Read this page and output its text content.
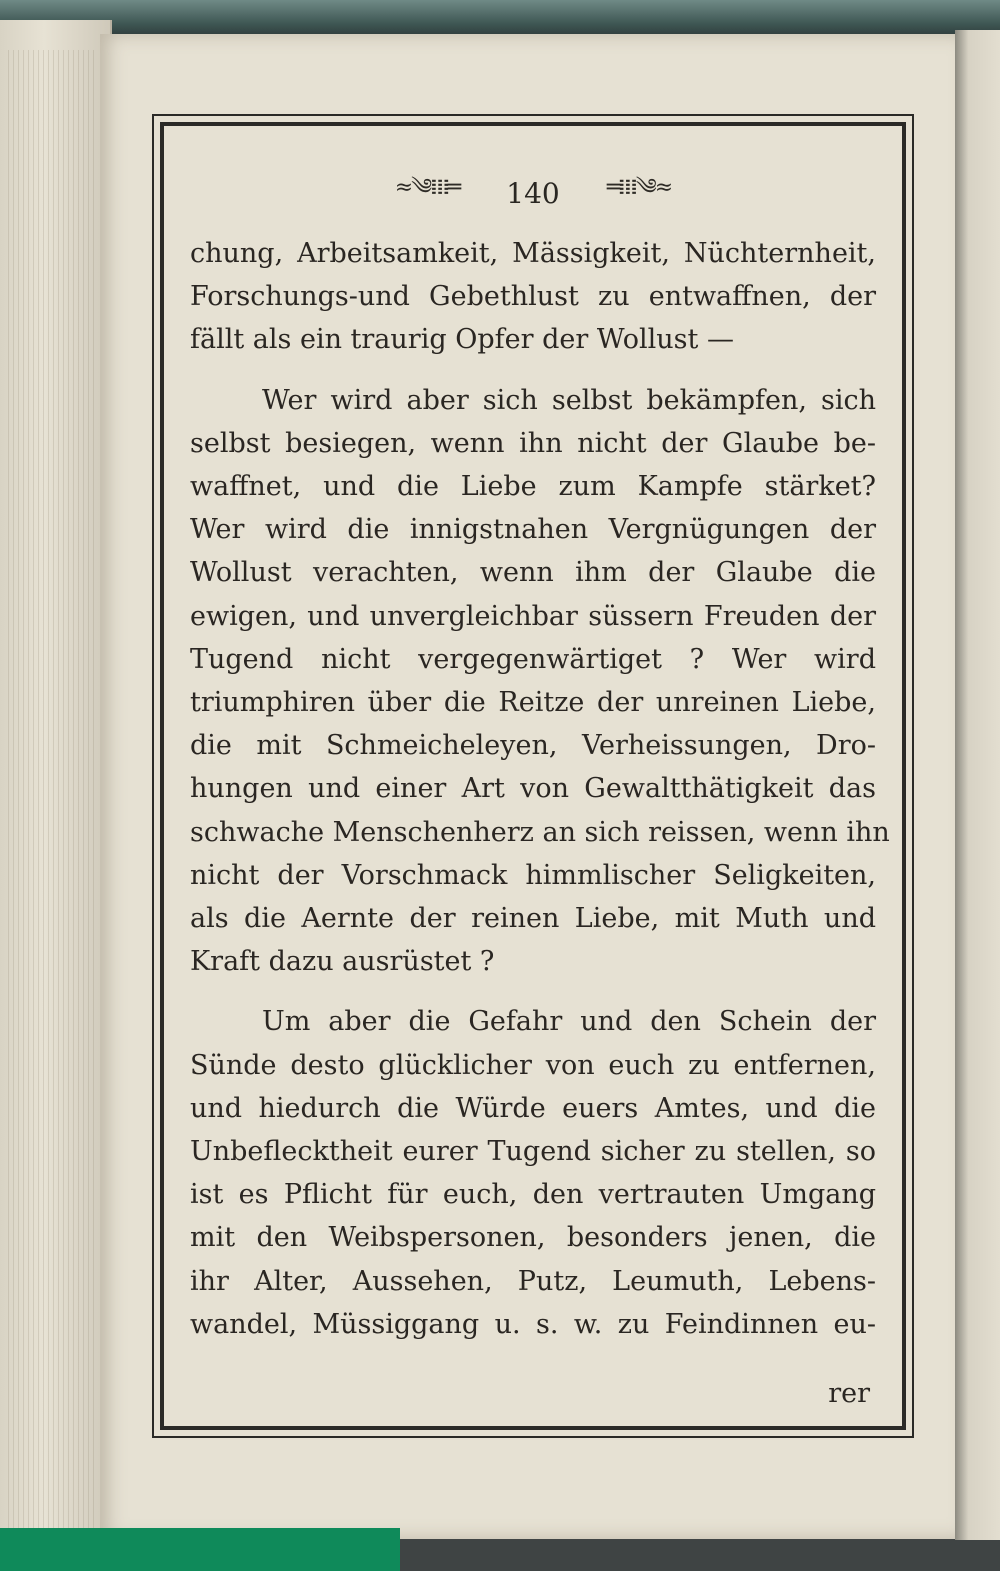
≈༄𝍖═ 140 ═𝍖༄≈
chung, Arbeitsamkeit, Mässigkeit, Nüchternheit,
Forschungs-und Gebethlust zu entwaffnen, der
fällt als ein traurig Opfer der Wollust —
Wer wird aber sich selbst bekämpfen, sich
selbst besiegen, wenn ihn nicht der Glaube be-
waffnet, und die Liebe zum Kampfe stärket?
Wer wird die innigstnahen Vergnügungen der
Wollust verachten, wenn ihm der Glaube die
ewigen, und unvergleichbar süssern Freuden der
Tugend nicht vergegenwärtiget ? Wer wird
triumphiren über die Reitze der unreinen Liebe,
die mit Schmeicheleyen, Verheissungen, Dro-
hungen und einer Art von Gewaltthätigkeit das
schwache Menschenherz an sich reissen, wenn ihn
nicht der Vorschmack himmlischer Seligkeiten,
als die Aernte der reinen Liebe, mit Muth und
Kraft dazu ausrüstet ?
Um aber die Gefahr und den Schein der
Sünde desto glücklicher von euch zu entfernen,
und hiedurch die Würde euers Amtes, und die
Unbeflecktheit eurer Tugend sicher zu stellen, so
ist es Pflicht für euch, den vertrauten Umgang
mit den Weibspersonen, besonders jenen, die
ihr Alter, Aussehen, Putz, Leumuth, Lebens-
wandel, Müssiggang u. s. w. zu Feindinnen eu-
rer
